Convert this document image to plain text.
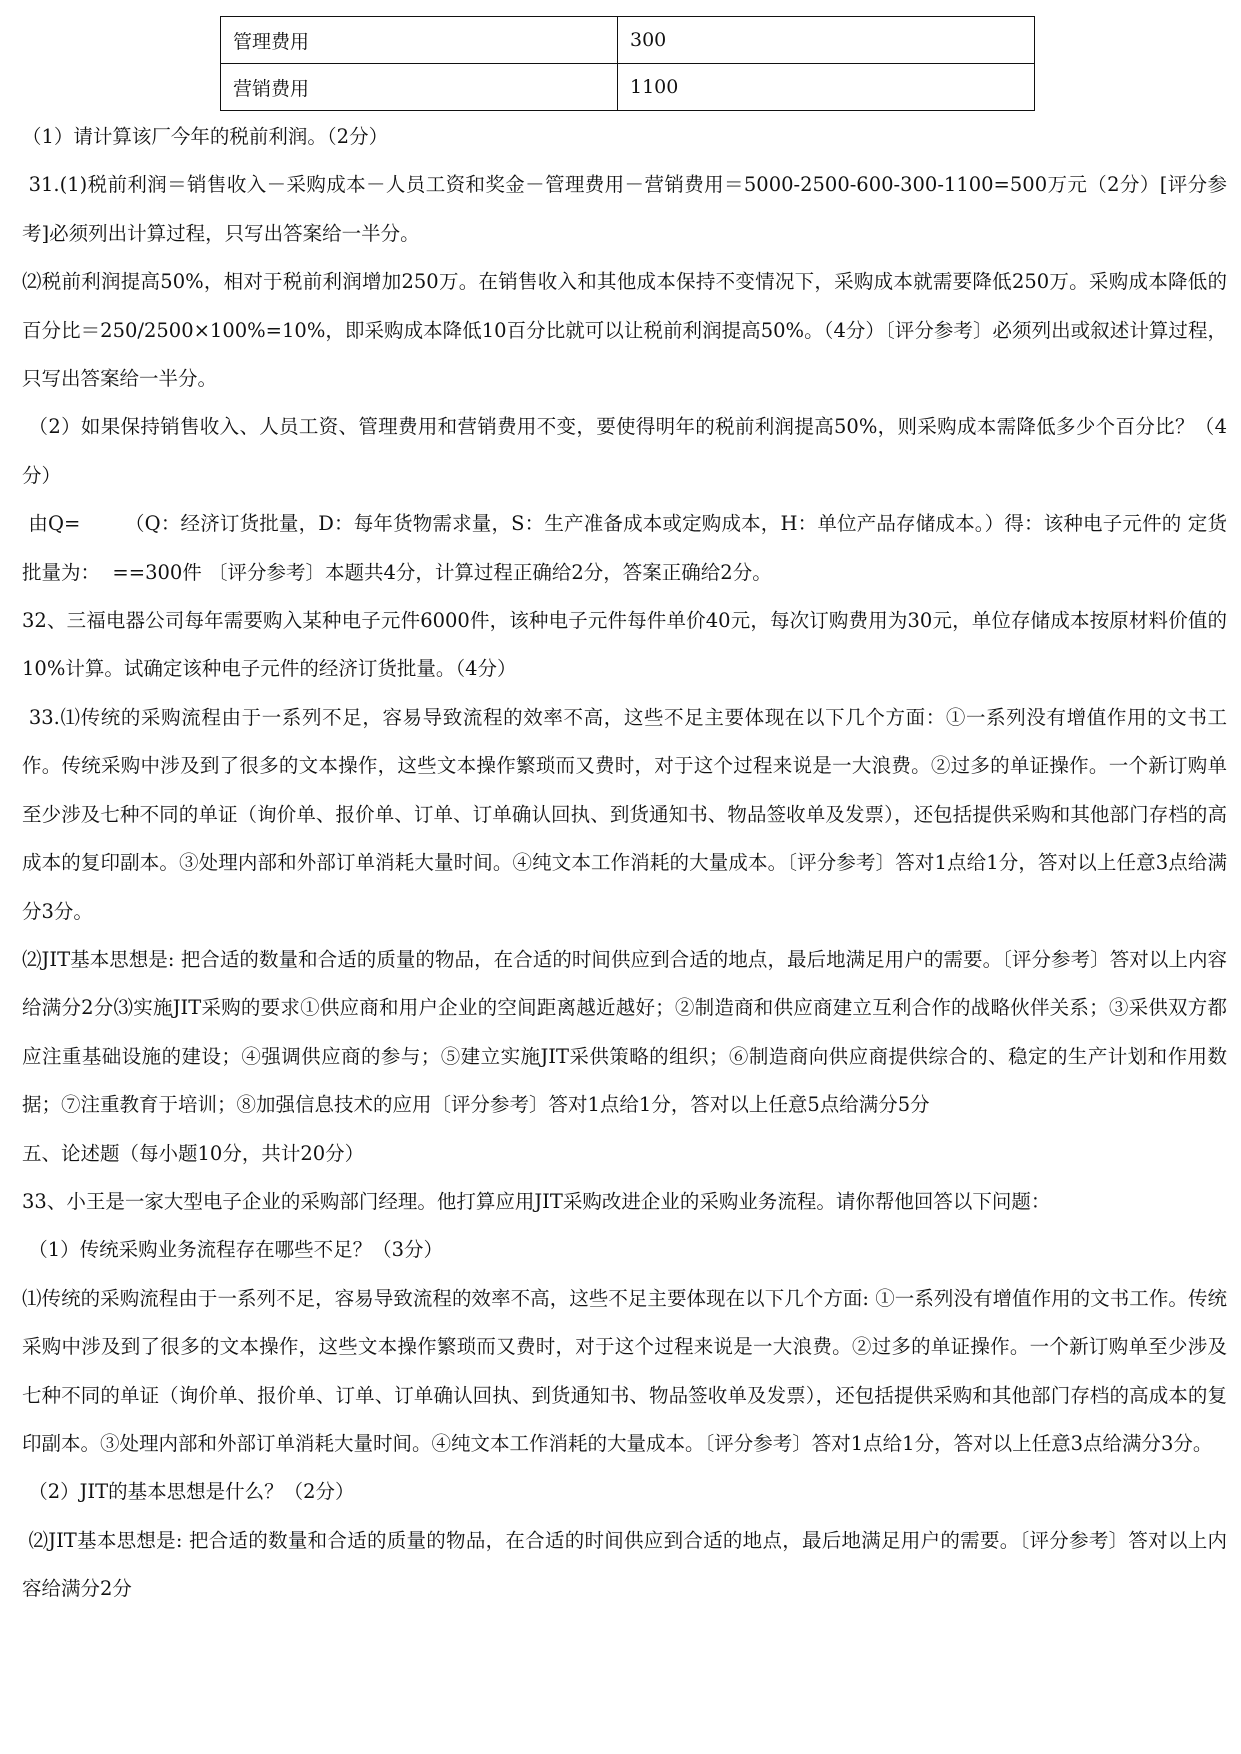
管理费用	300
营销费用	1100

（1）请计算该厂今年的税前利润。（2分）

31.(1)税前利润＝销售收入－采购成本－人员工资和奖金－管理费用－营销费用＝5000-2500-600-300-1100=500万元（2分）[评分参考]必须列出计算过程，只写出答案给一半分。

⑵税前利润提高50%，相对于税前利润增加250万。在销售收入和其他成本保持不变情况下，采购成本就需要降低250万。采购成本降低的百分比＝250/2500×100%=10%，即采购成本降低10百分比就可以让税前利润提高50%。（4分）〔评分参考〕必须列出或叙述计算过程，只写出答案给一半分。

（2）如果保持销售收入、人员工资、管理费用和营销费用不变，要使得明年的税前利润提高50%，则采购成本需降低多少个百分比？（4分）

由Q=       （Q：经济订货批量，D：每年货物需求量，S：生产准备成本或定购成本，H：单位产品存储成本。）得：该种电子元件的 定货批量为：  ==300件 〔评分参考〕本题共4分，计算过程正确给2分，答案正确给2分。

32、三福电器公司每年需要购入某种电子元件6000件，该种电子元件每件单价40元，每次订购费用为30元，单位存储成本按原材料价值的10%计算。试确定该种电子元件的经济订货批量。（4分）

33.⑴传统的采购流程由于一系列不足，容易导致流程的效率不高，这些不足主要体现在以下几个方面：①一系列没有增值作用的文书工作。传统采购中涉及到了很多的文本操作，这些文本操作繁琐而又费时，对于这个过程来说是一大浪费。②过多的单证操作。一个新订购单至少涉及七种不同的单证（询价单、报价单、订单、订单确认回执、到货通知书、物品签收单及发票），还包括提供采购和其他部门存档的高成本的复印副本。③处理内部和外部订单消耗大量时间。④纯文本工作消耗的大量成本。〔评分参考〕答对1点给1分，答对以上任意3点给满分3分。

⑵JIT基本思想是: 把合适的数量和合适的质量的物品，在合适的时间供应到合适的地点，最后地满足用户的需要。〔评分参考〕答对以上内容给满分2分⑶实施JIT采购的要求①供应商和用户企业的空间距离越近越好；②制造商和供应商建立互利合作的战略伙伴关系；③采供双方都应注重基础设施的建设；④强调供应商的参与；⑤建立实施JIT采供策略的组织；⑥制造商向供应商提供综合的、稳定的生产计划和作用数据；⑦注重教育于培训；⑧加强信息技术的应用〔评分参考〕答对1点给1分，答对以上任意5点给满分5分

五、论述题（每小题10分，共计20分）

33、小王是一家大型电子企业的采购部门经理。他打算应用JIT采购改进企业的采购业务流程。请你帮他回答以下问题：

（1）传统采购业务流程存在哪些不足？（3分）

⑴传统的采购流程由于一系列不足，容易导致流程的效率不高，这些不足主要体现在以下几个方面: ①一系列没有增值作用的文书工作。传统采购中涉及到了很多的文本操作，这些文本操作繁琐而又费时，对于这个过程来说是一大浪费。②过多的单证操作。一个新订购单至少涉及七种不同的单证（询价单、报价单、订单、订单确认回执、到货通知书、物品签收单及发票），还包括提供采购和其他部门存档的高成本的复印副本。③处理内部和外部订单消耗大量时间。④纯文本工作消耗的大量成本。〔评分参考〕答对1点给1分，答对以上任意3点给满分3分。

（2）JIT的基本思想是什么？（2分）

⑵JIT基本思想是: 把合适的数量和合适的质量的物品，在合适的时间供应到合适的地点，最后地满足用户的需要。〔评分参考〕答对以上内容给满分2分
